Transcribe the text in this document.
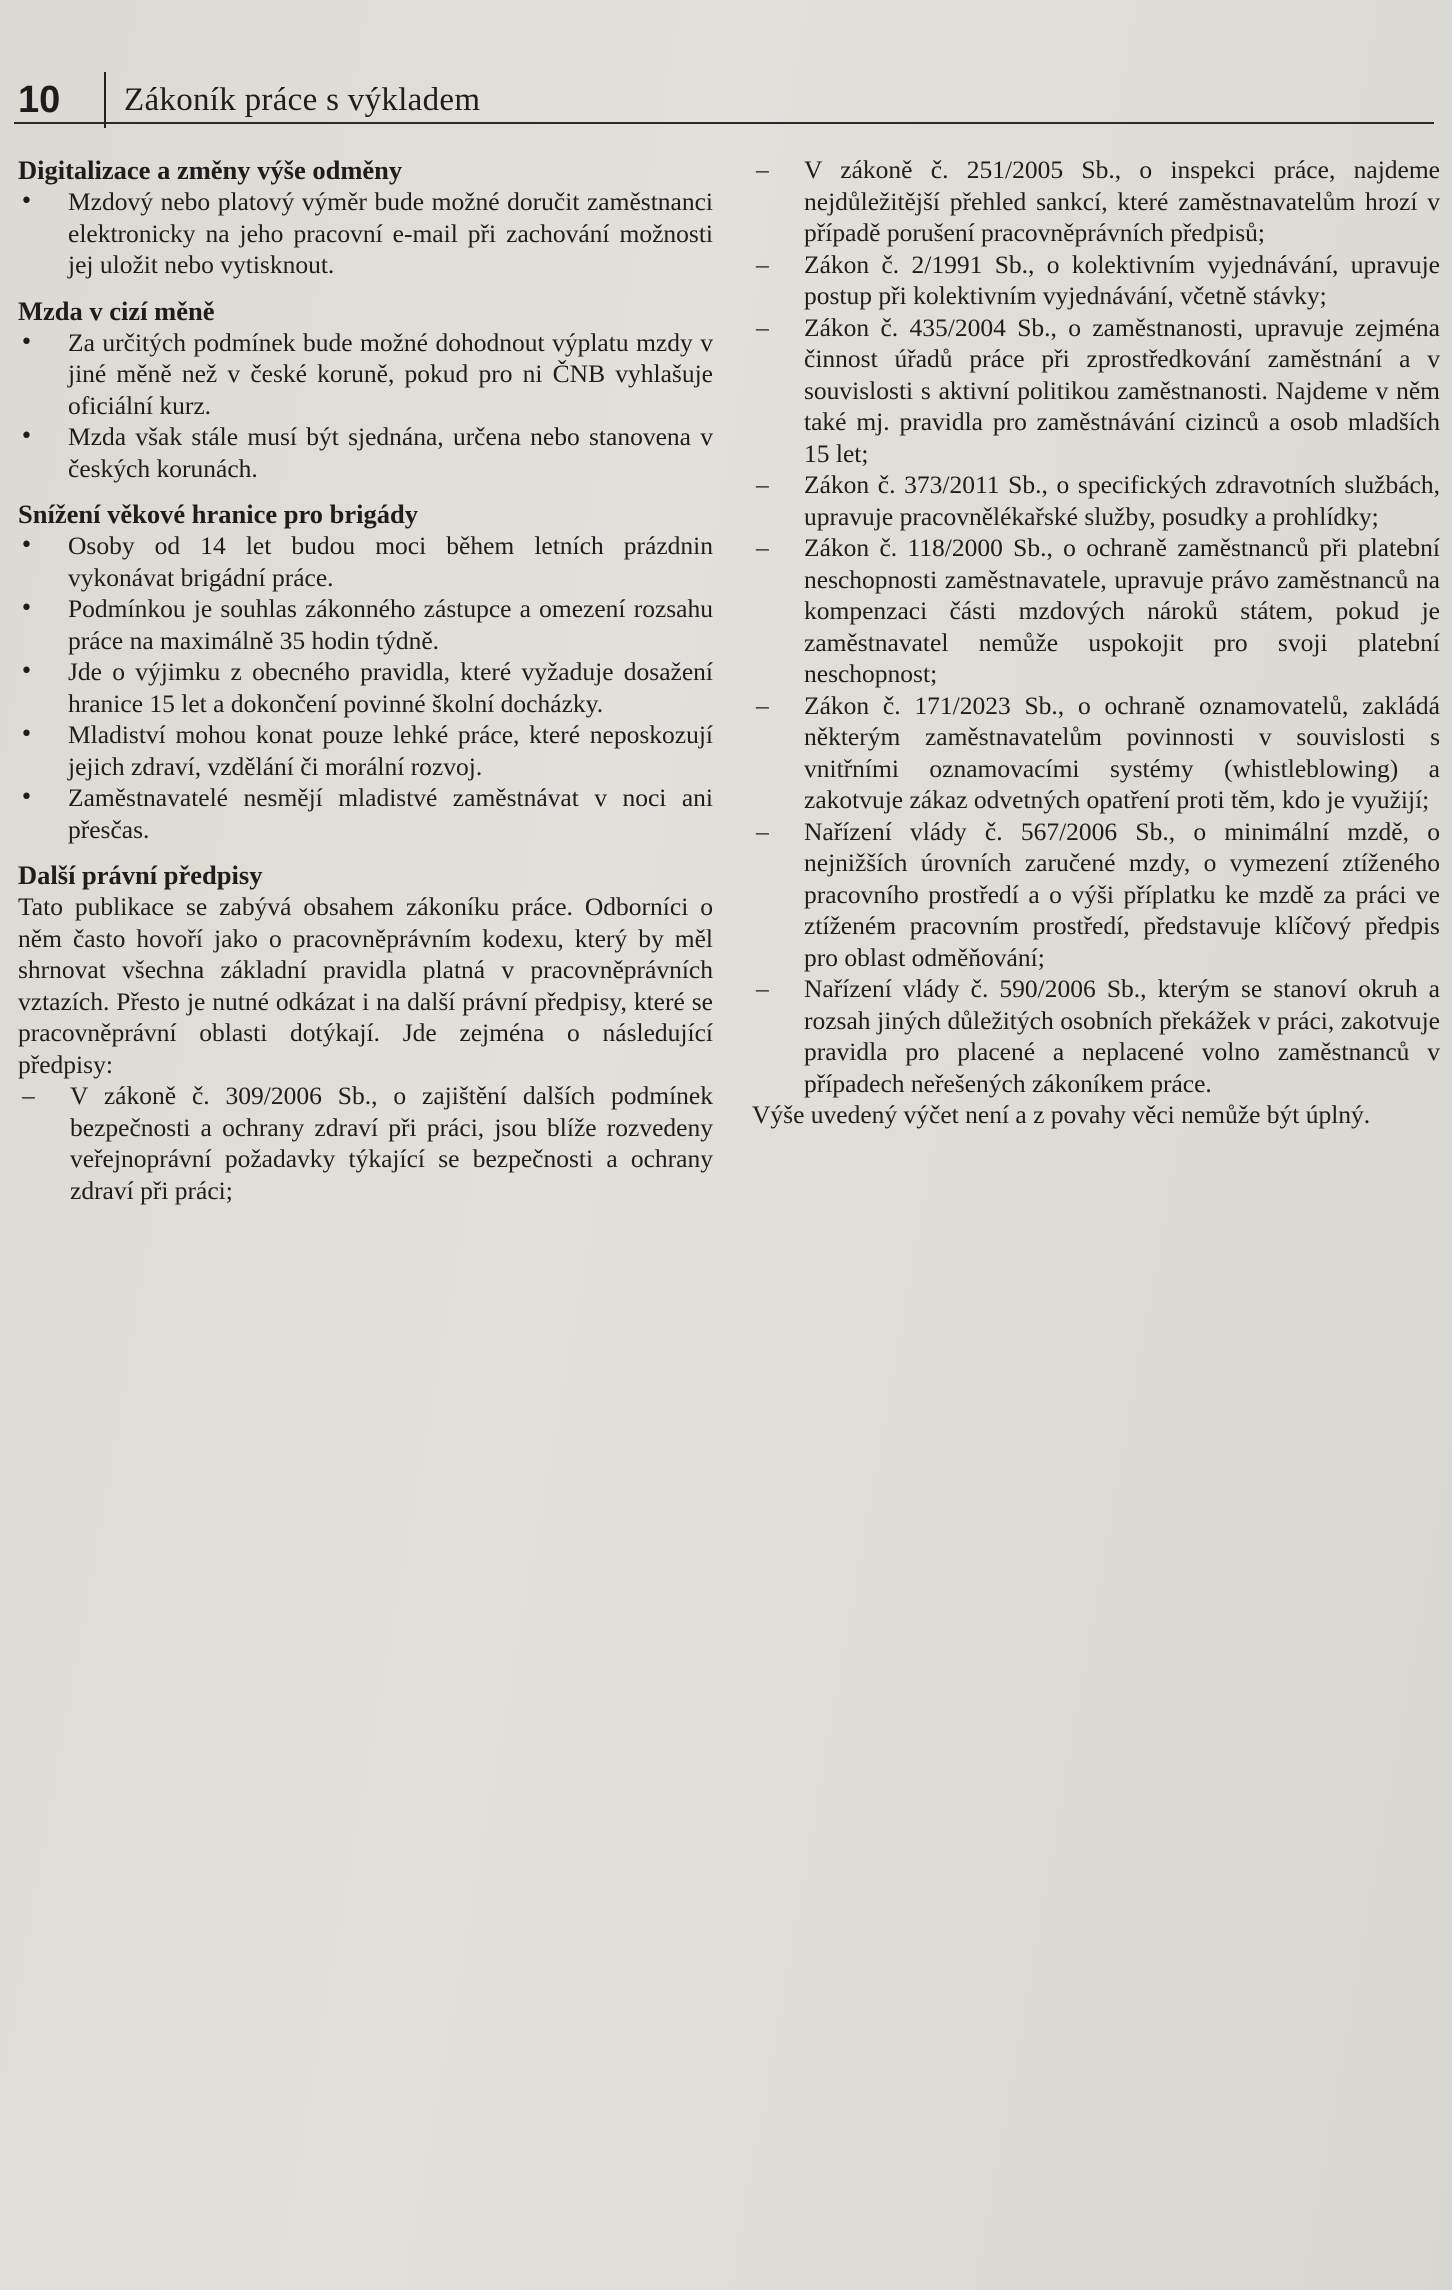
10 Zákoník práce s výkladem
Digitalizace a změny výše odměny
• Mzdový nebo platový výměr bude možné doručit zaměstnanci elektronicky na jeho pracovní e-mail při zachování možnosti jej uložit nebo vytisknout.
Mzda v cizí měně
• Za určitých podmínek bude možné dohodnout výplatu mzdy v jiné měně než v české koruně, pokud pro ni ČNB vyhlašuje oficiální kurz.
• Mzda však stále musí být sjednána, určena nebo stanovena v českých korunách.
Snížení věkové hranice pro brigády
• Osoby od 14 let budou moci během letních prázdnin vykonávat brigádní práce.
• Podmínkou je souhlas zákonného zástupce a omezení rozsahu práce na maximálně 35 hodin týdně.
• Jde o výjimku z obecného pravidla, které vyžaduje dosažení hranice 15 let a dokončení povinné školní docházky.
• Mladiství mohou konat pouze lehké práce, které neposkozují jejich zdraví, vzdělání či morální rozvoj.
• Zaměstnavatelé nesmějí mladistvé zaměstnávat v noci ani přesčas.
Další právní předpisy

Tato publikace se zabývá obsahem zákoníku práce. Odborníci o něm často hovoří jako o pracovněprávním kodexu, který by měl shrnovat všechna základní pravidla platná v pracovněprávních vztazích. Přesto je nutné odkázat i na další právní předpisy, které se pracovněprávní oblasti dotýkají. Jde zejména o následující předpisy:

– V zákoně č. 309/2006 Sb., o zajištění dalších podmínek bezpečnosti a ochrany zdraví při práci, jsou blíže rozvedeny veřejnoprávní požadavky týkající se bezpečnosti a ochrany zdraví při práci;
– V zákoně č. 251/2005 Sb., o inspekci práce, najdeme nejdůležitější přehled sankcí, které zaměstnavatelům hrozí v případě porušení pracovněprávních předpisů;
– Zákon č. 2/1991 Sb., o kolektivním vyjednávání, upravuje postup při kolektivním vyjednávání, včetně stávky;
– Zákon č. 435/2004 Sb., o zaměstnanosti, upravuje zejména činnost úřadů práce při zprostředkování zaměstnání a v souvislosti s aktivní politikou zaměstnanosti. Najdeme v něm také mj. pravidla pro zaměstnávání cizinců a osob mladších 15 let;
– Zákon č. 373/2011 Sb., o specifických zdravotních službách, upravuje pracovnělékařské služby, posudky a prohlídky;
– Zákon č. 118/2000 Sb., o ochraně zaměstnanců při platební neschopnosti zaměstnavatele, upravuje právo zaměstnanců na kompenzaci části mzdových nároků státem, pokud je zaměstnavatel nemůže uspokojit pro svoji platební neschopnost;
– Zákon č. 171/2023 Sb., o ochraně oznamovatelů, zakládá některým zaměstnavatelům povinnosti v souvislosti s vnitřními oznamovacími systémy (whistleblowing) a zakotvuje zákaz odvetných opatření proti těm, kdo je využijí;
– Nařízení vlády č. 567/2006 Sb., o minimální mzdě, o nejnižších úrovních zaručené mzdy, o vymezení ztíženého pracovního prostředí a o výši příplatku ke mzdě za práci ve ztíženém pracovním prostředí, představuje klíčový předpis pro oblast odměňování;
– Nařízení vlády č. 590/2006 Sb., kterým se stanoví okruh a rozsah jiných důležitých osobních překážek v práci, zakotvuje pravidla pro placené a neplacené volno zaměstnanců v případech neřešených zákoníkem práce.

Výše uvedený výčet není a z povahy věci nemůže být úplný.
